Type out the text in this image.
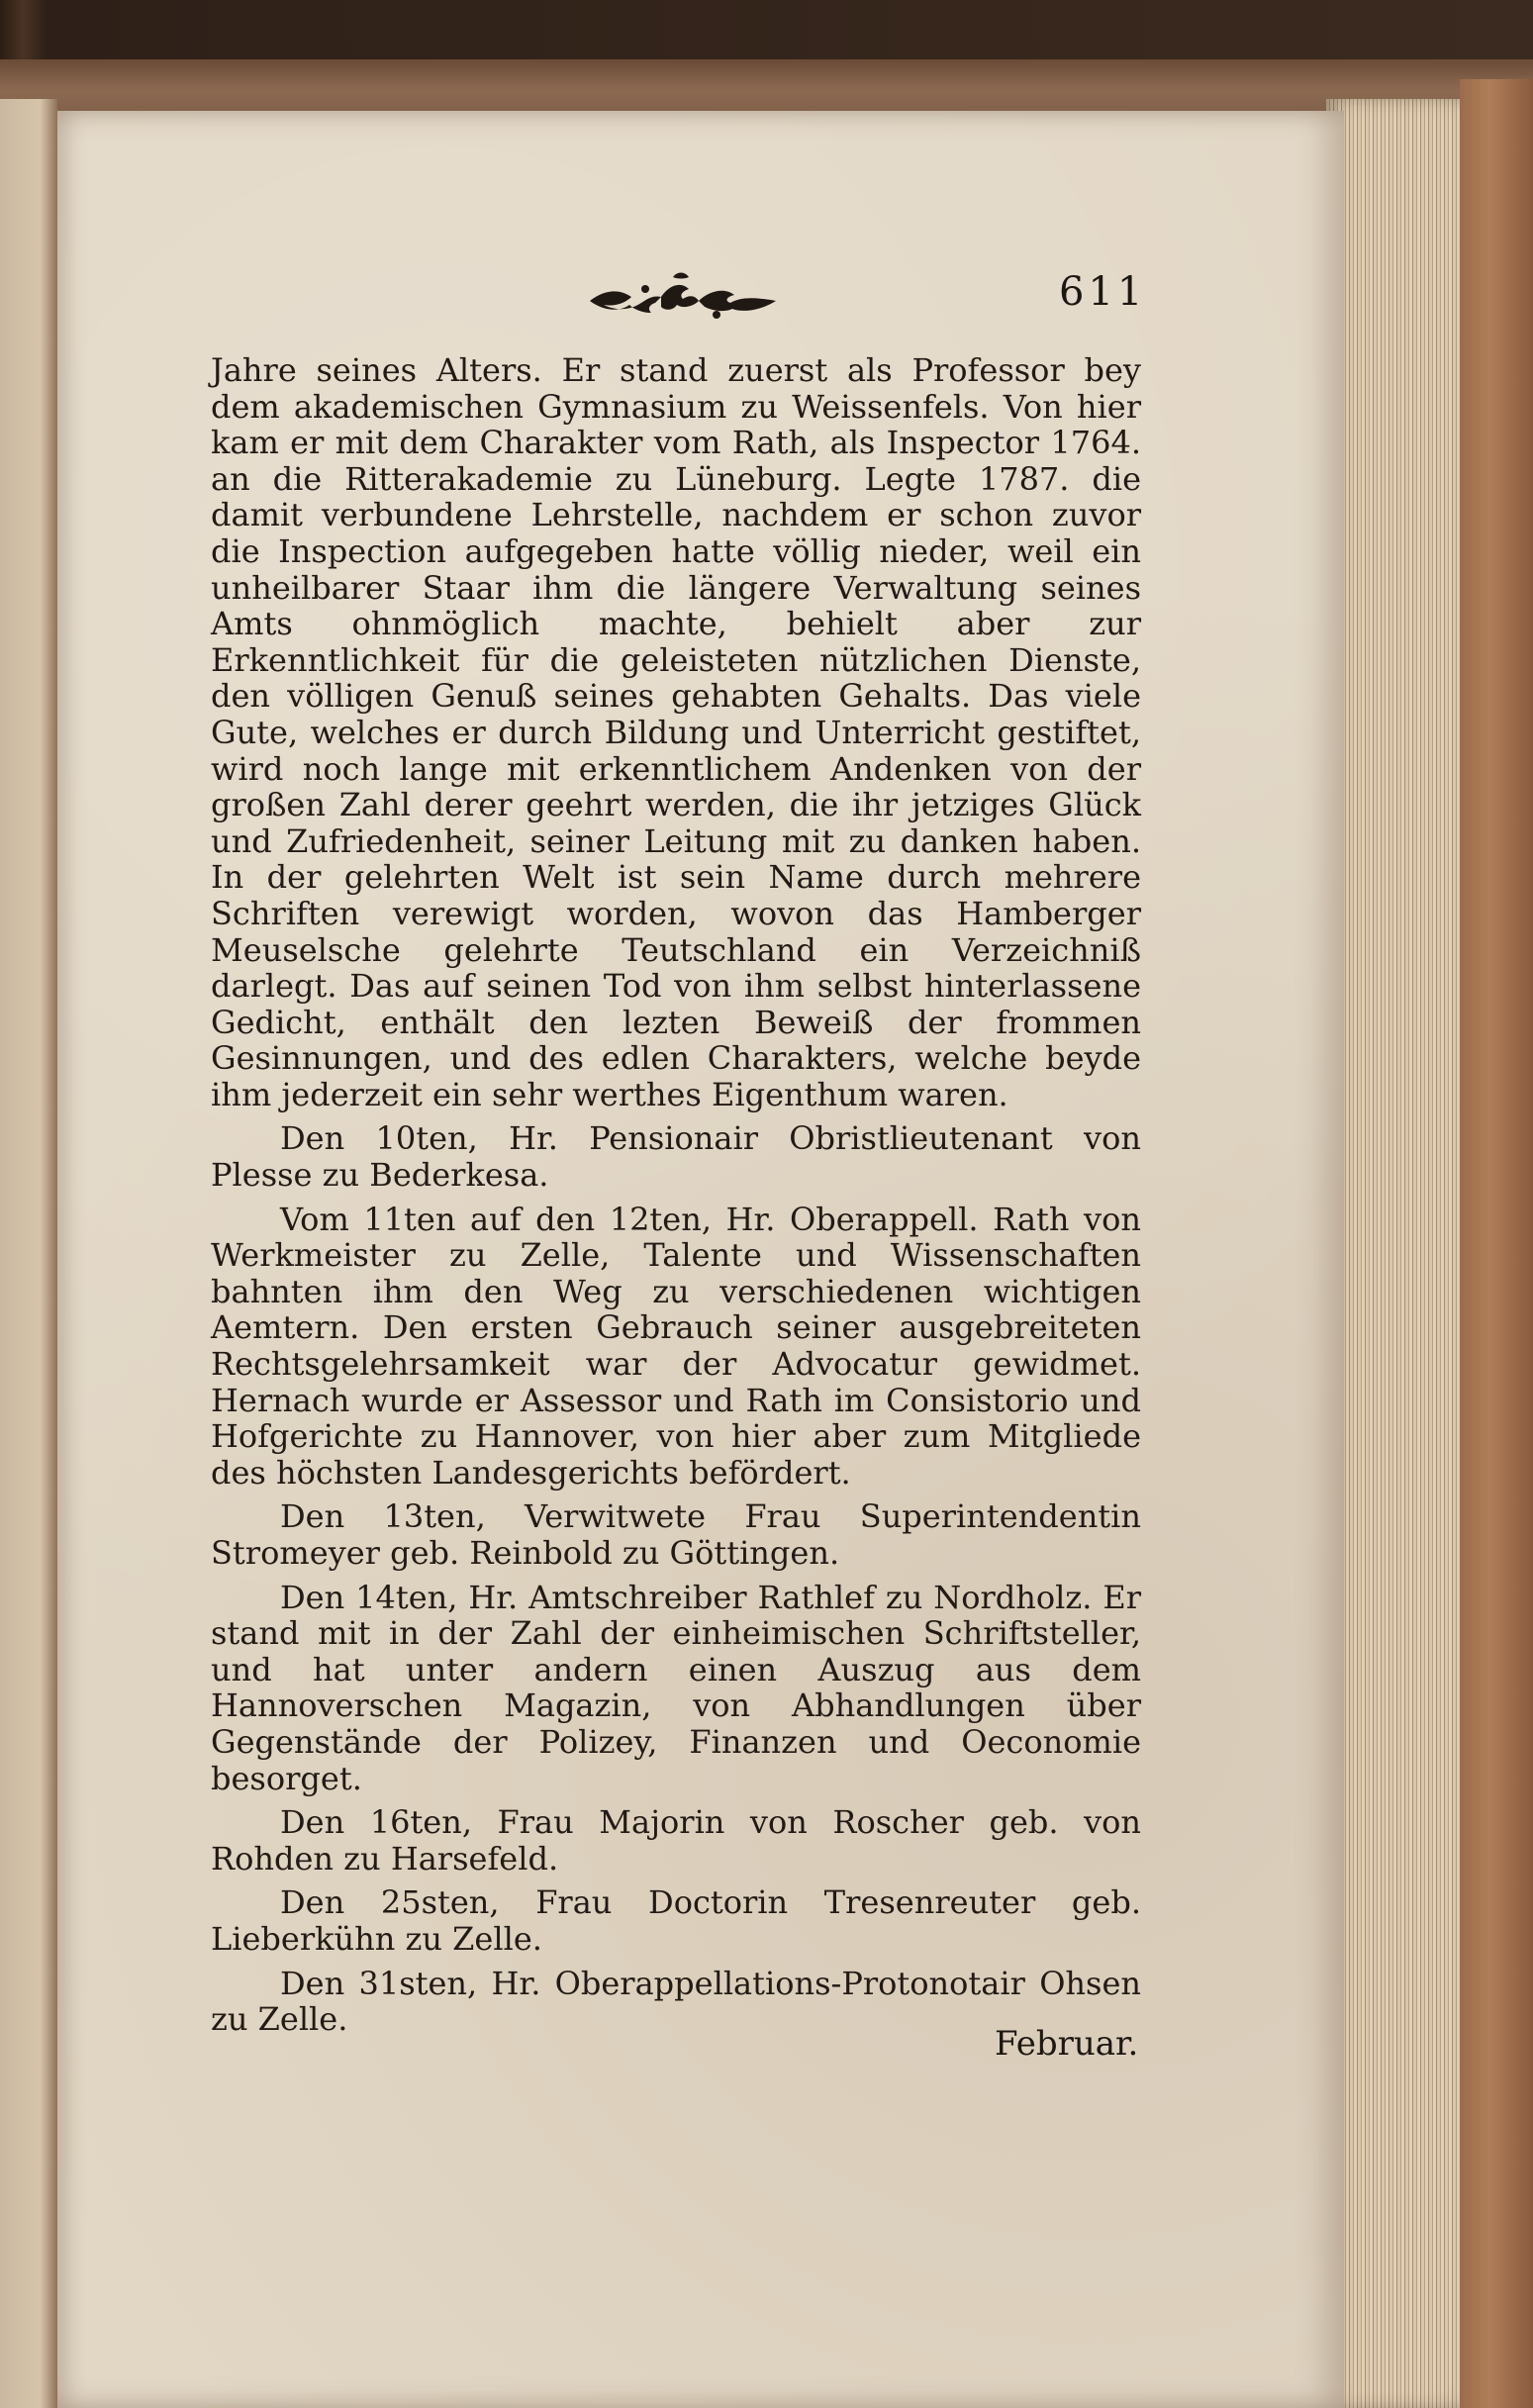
611

Jahre seines Alters. Er stand zuerst als Professor bey dem akademischen Gymnasium zu Weissenfels. Von hier kam er mit dem Charakter vom Rath, als Inspector 1764. an die Ritterakademie zu Lüneburg. Legte 1787. die damit verbundene Lehrstelle, nachdem er schon zuvor die Inspection aufgegeben hatte völlig nieder, weil ein unheilbarer Staar ihm die längere Verwaltung seines Amts ohnmöglich machte, behielt aber zur Erkenntlichkeit für die geleisteten nützlichen Dienste, den völligen Genuß seines gehabten Gehalts. Das viele Gute, welches er durch Bildung und Unterricht gestiftet, wird noch lange mit erkenntlichem Andenken von der großen Zahl derer geehrt werden, die ihr jetziges Glück und Zufriedenheit, seiner Leitung mit zu danken haben. In der gelehrten Welt ist sein Name durch mehrere Schriften verewigt worden, wovon das Hamberger Meuselsche gelehrte Teutschland ein Verzeichniß darlegt. Das auf seinen Tod von ihm selbst hinterlassene Gedicht, enthält den lezten Beweiß der frommen Gesinnungen, und des edlen Charakters, welche beyde ihm jederzeit ein sehr werthes Eigenthum waren.

Den 10ten, Hr. Pensionair Obristlieutenant von Plesse zu Bederkesa.

Vom 11ten auf den 12ten, Hr. Oberappell. Rath von Werkmeister zu Zelle, Talente und Wissenschaften bahnten ihm den Weg zu verschiedenen wichtigen Aemtern. Den ersten Gebrauch seiner ausgebreiteten Rechtsgelehrsamkeit war der Advocatur gewidmet. Hernach wurde er Assessor und Rath im Consistorio und Hofgerichte zu Hannover, von hier aber zum Mitgliede des höchsten Landesgerichts befördert.

Den 13ten, Verwitwete Frau Superintendentin Stromeyer geb. Reinbold zu Göttingen.

Den 14ten, Hr. Amtschreiber Rathlef zu Nordholz. Er stand mit in der Zahl der einheimischen Schriftsteller, und hat unter andern einen Auszug aus dem Hannoverschen Magazin, von Abhandlungen über Gegenstände der Polizey, Finanzen und Oeconomie besorget.

Den 16ten, Frau Majorin von Roscher geb. von Rohden zu Harsefeld.

Den 25sten, Frau Doctorin Tresenreuter geb. Lieberkühn zu Zelle.

Den 31sten, Hr. Oberappellations-Protonotair Ohsen zu Zelle.

Februar.
